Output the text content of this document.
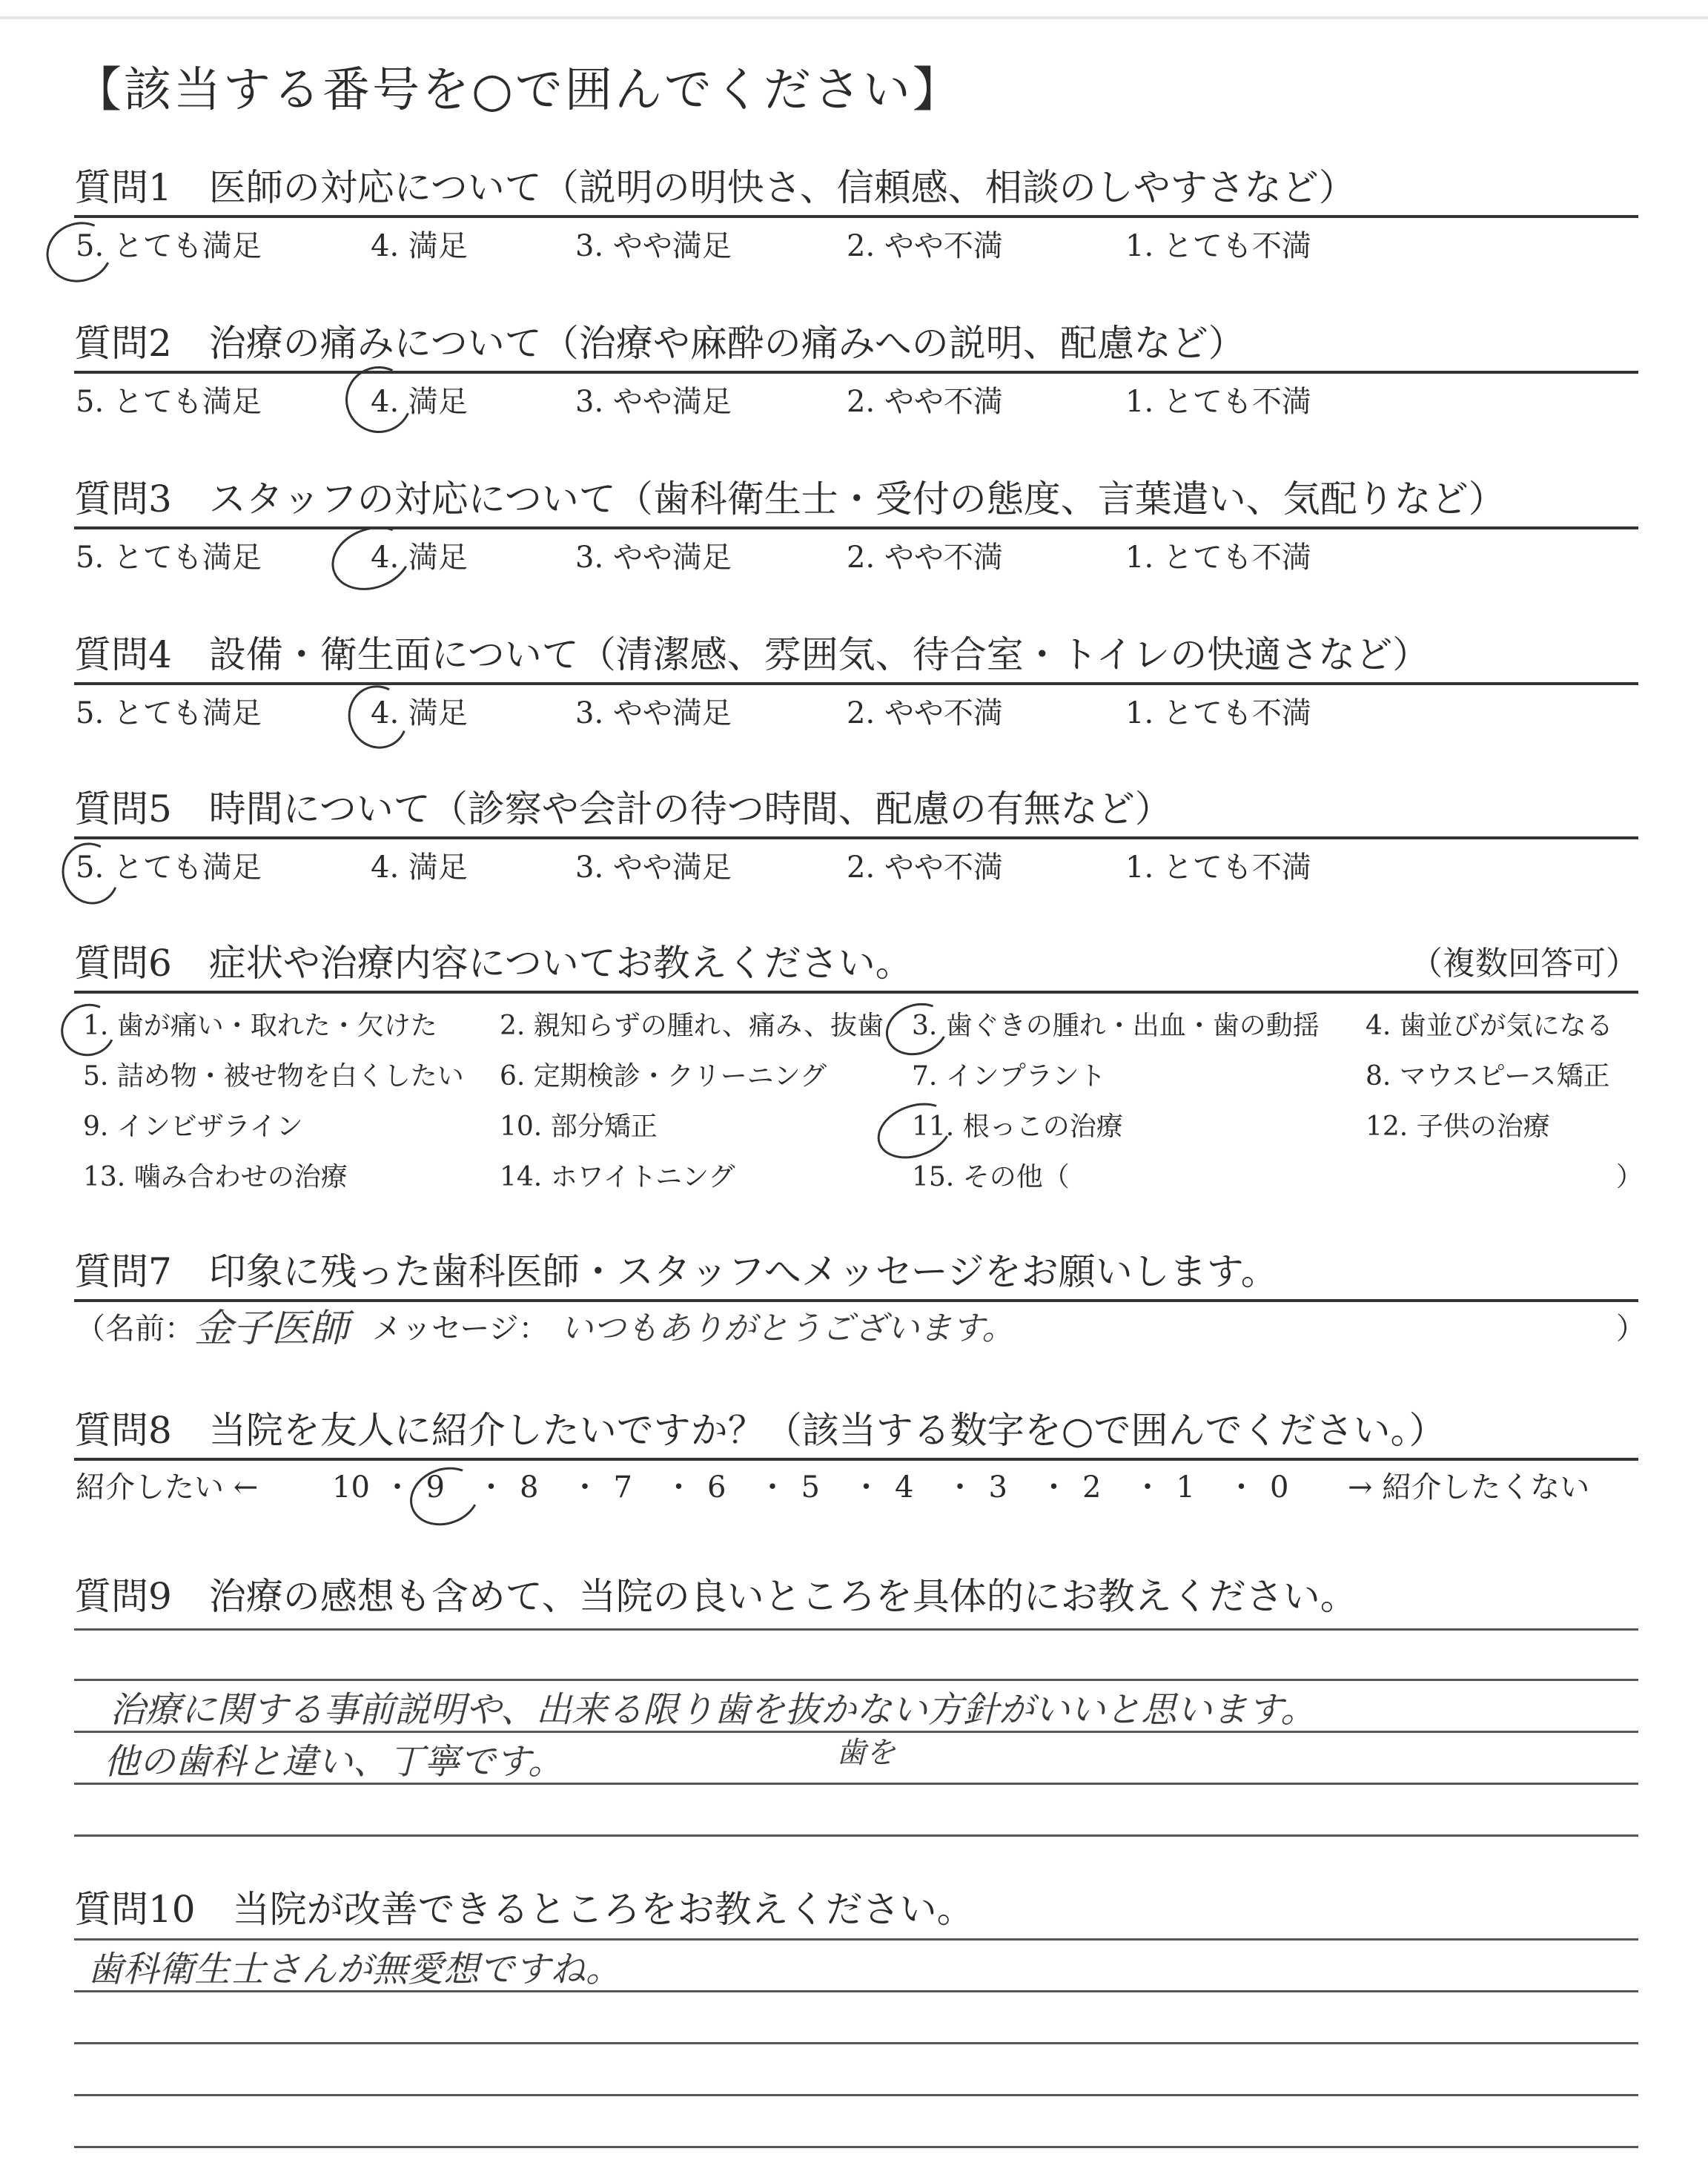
【該当する番号を○で囲んでください】
質問1　医師の対応について（説明の明快さ、信頼感、相談のしやすさなど）
5. とても満足	4. 満足	3. やや満足	2. やや不満	1. とても不満
質問2　治療の痛みについて（治療や麻酔の痛みへの説明、配慮など）
5. とても満足	4. 満足	3. やや満足	2. やや不満	1. とても不満
質問3　スタッフの対応について（歯科衛生士・受付の態度、言葉遣い、気配りなど）
5. とても満足	4. 満足	3. やや満足	2. やや不満	1. とても不満
質問4　設備・衛生面について（清潔感、雰囲気、待合室・トイレの快適さなど）
5. とても満足	4. 満足	3. やや満足	2. やや不満	1. とても不満
質問5　時間について（診察や会計の待つ時間、配慮の有無など）
5. とても満足	4. 満足	3. やや満足	2. やや不満	1. とても不満
質問6　症状や治療内容についてお教えください。	（複数回答可）
1. 歯が痛い・取れた・欠けた 2. 親知らずの腫れ、痛み、抜歯 3. 歯ぐきの腫れ・出血・歯の動揺 4. 歯並びが気になる
5. 詰め物・被せ物を白くしたい 6. 定期検診・クリーニング	7. インプラント	8. マウスピース矯正
9. インビザライン	10. 部分矯正	11. 根っこの治療	12. 子供の治療
13. 噛み合わせの治療	14. ホワイトニング	15. その他（	）
質問7　印象に残った歯科医師・スタッフへメッセージをお願いします。
（名前： 金子医師 メッセージ： いつもありがとうございます。	）
質問8　当院を友人に紹介したいですか？（該当する数字を○で囲んでください。）
紹介したい ← 10 ・ 9 ・ 8 ・ 7 ・ 6 ・ 5 ・ 4 ・ 3 ・ 2 ・ 1 ・ 0 → 紹介したくない
質問9　治療の感想も含めて、当院の良いところを具体的にお教えください。
治療に関する事前説明や、出来る限り歯を抜かない方針がいいと思います。
歯を
他の歯科と違い、丁寧です。
質問10　当院が改善できるところをお教えください。
歯科衛生士さんが無愛想ですね。
